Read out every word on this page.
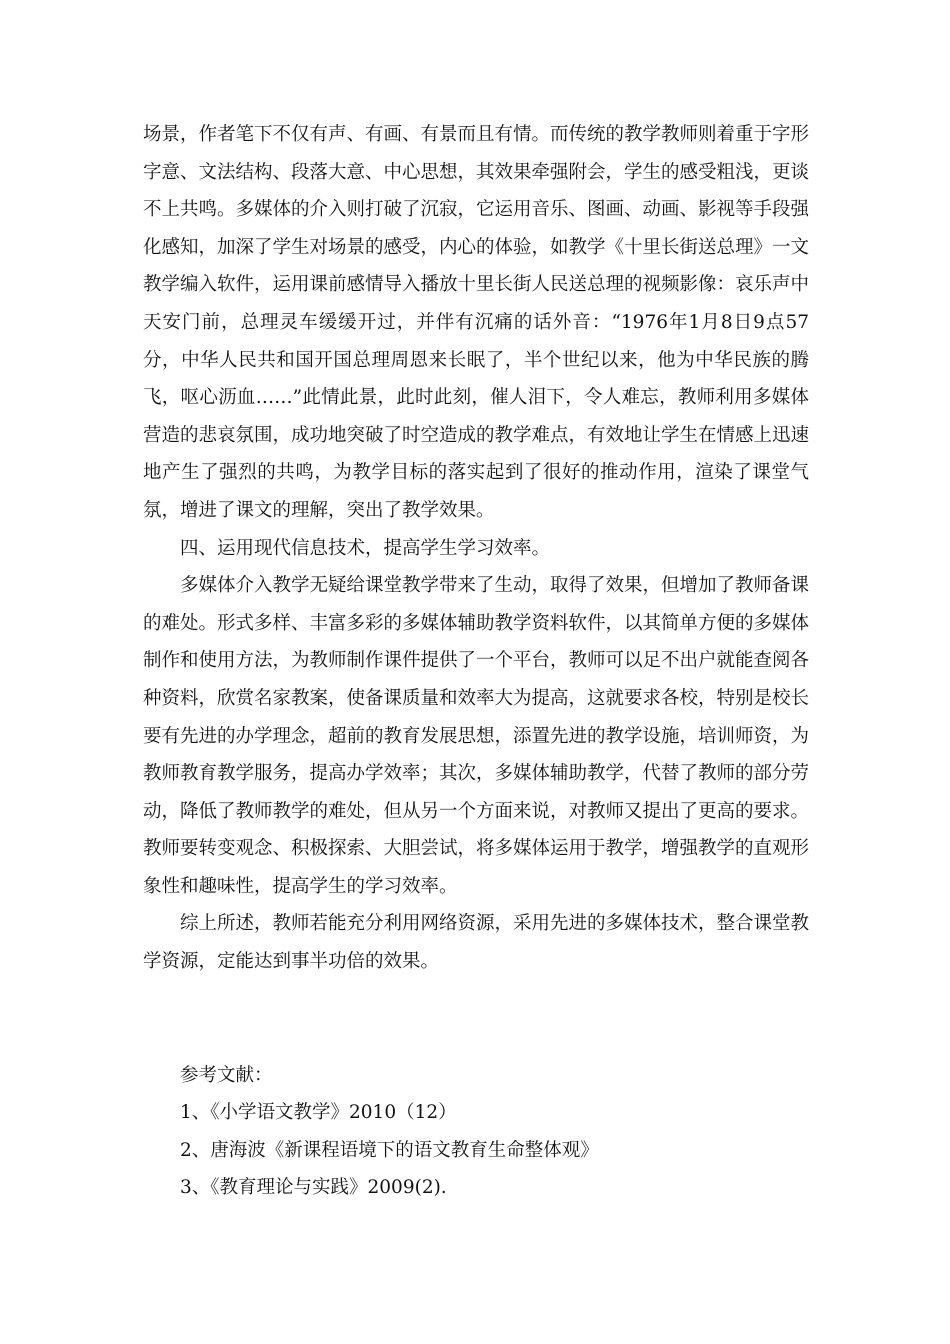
场景，作者笔下不仅有声、有画、有景而且有情。而传统的教学教师则着重于字形字意、文法结构、段落大意、中心思想，其效果牵强附会，学生的感受粗浅，更谈不上共鸣。多媒体的介入则打破了沉寂，它运用音乐、图画、动画、影视等手段强化感知，加深了学生对场景的感受，内心的体验，如教学《十里长街送总理》一文教学编入软件，运用课前感情导入播放十里长街人民送总理的视频影像：哀乐声中天安门前，总理灵车缓缓开过，并伴有沉痛的话外音：“1976年1月8日9点57分，中华人民共和国开国总理周恩来长眠了，半个世纪以来，他为中华民族的腾飞，呕心沥血……”此情此景，此时此刻，催人泪下，令人难忘，教师利用多媒体营造的悲哀氛围，成功地突破了时空造成的教学难点，有效地让学生在情感上迅速地产生了强烈的共鸣，为教学目标的落实起到了很好的推动作用，渲染了课堂气氛，增进了课文的理解，突出了教学效果。

四、运用现代信息技术，提高学生学习效率。

多媒体介入教学无疑给课堂教学带来了生动，取得了效果，但增加了教师备课的难处。形式多样、丰富多彩的多媒体辅助教学资料软件，以其简单方便的多媒体制作和使用方法，为教师制作课件提供了一个平台，教师可以足不出户就能查阅各种资料，欣赏名家教案，使备课质量和效率大为提高，这就要求各校，特别是校长要有先进的办学理念，超前的教育发展思想，添置先进的教学设施，培训师资，为教师教育教学服务，提高办学效率；其次，多媒体辅助教学，代替了教师的部分劳动，降低了教师教学的难处，但从另一个方面来说，对教师又提出了更高的要求。教师要转变观念、积极探索、大胆尝试，将多媒体运用于教学，增强教学的直观形象性和趣味性，提高学生的学习效率。

综上所述，教师若能充分利用网络资源，采用先进的多媒体技术，整合课堂教学资源，定能达到事半功倍的效果。

参考文献：

1、《小学语文教学》2010（12）

2、唐海波《新课程语境下的语文教育生命整体观》

3、《教育理论与实践》2009(2).
